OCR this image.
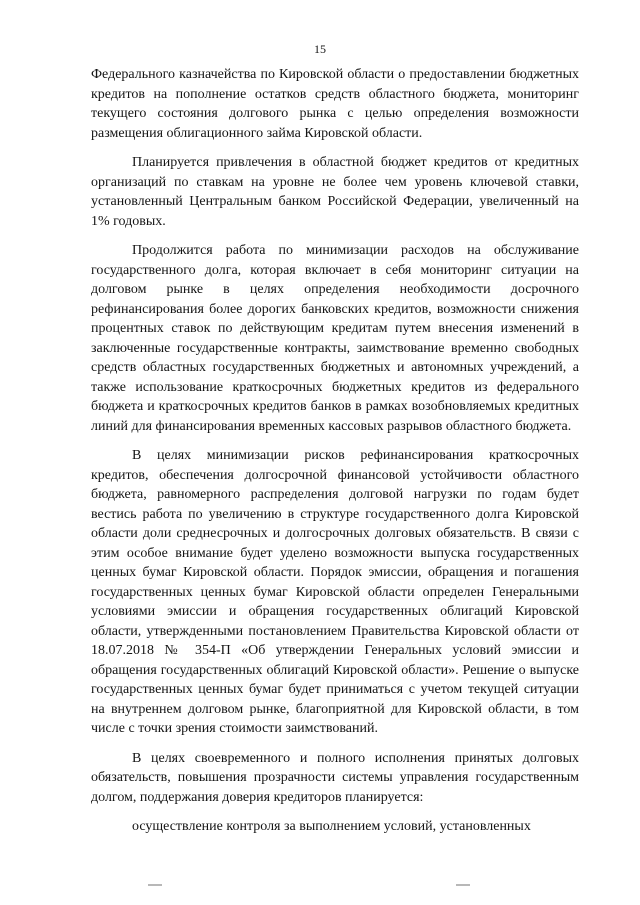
15

Федерального казначейства по Кировской области о предоставлении бюджетных кредитов на пополнение остатков средств областного бюджета, мониторинг текущего состояния долгового рынка с целью определения возможности размещения облигационного займа Кировской области.

Планируется привлечения в областной бюджет кредитов от кредитных организаций по ставкам на уровне не более чем уровень ключевой ставки, установленный Центральным банком Российской Федерации, увеличенный на 1% годовых.

Продолжится работа по минимизации расходов на обслуживание государственного долга, которая включает в себя мониторинг ситуации на долговом рынке в целях определения необходимости досрочного рефинансирования более дорогих банковских кредитов, возможности снижения процентных ставок по действующим кредитам путем внесения изменений в заключенные государственные контракты, заимствование временно свободных средств областных государственных бюджетных и автономных учреждений, а также использование краткосрочных бюджетных кредитов из федерального бюджета и краткосрочных кредитов банков в рамках возобновляемых кредитных линий для финансирования временных кассовых разрывов областного бюджета.

В целях минимизации рисков рефинансирования краткосрочных кредитов, обеспечения долгосрочной финансовой устойчивости областного бюджета, равномерного распределения долговой нагрузки по годам будет вестись работа по увеличению в структуре государственного долга Кировской области доли среднесрочных и долгосрочных долговых обязательств. В связи с этим особое внимание будет уделено возможности выпуска государственных ценных бумаг Кировской области. Порядок эмиссии, обращения и погашения государственных ценных бумаг Кировской области определен Генеральными условиями эмиссии и обращения государственных облигаций Кировской области, утвержденными постановлением Правительства Кировской области от 18.07.2018 № 354-П «Об утверждении Генеральных условий эмиссии и обращения государственных облигаций Кировской области». Решение о выпуске государственных ценных бумаг будет приниматься с учетом текущей ситуации на внутреннем долговом рынке, благоприятной для Кировской области, в том числе с точки зрения стоимости заимствований.

В целях своевременного и полного исполнения принятых долговых обязательств, повышения прозрачности системы управления государственным долгом, поддержания доверия кредиторов планируется:

осуществление контроля за выполнением условий, установленных
